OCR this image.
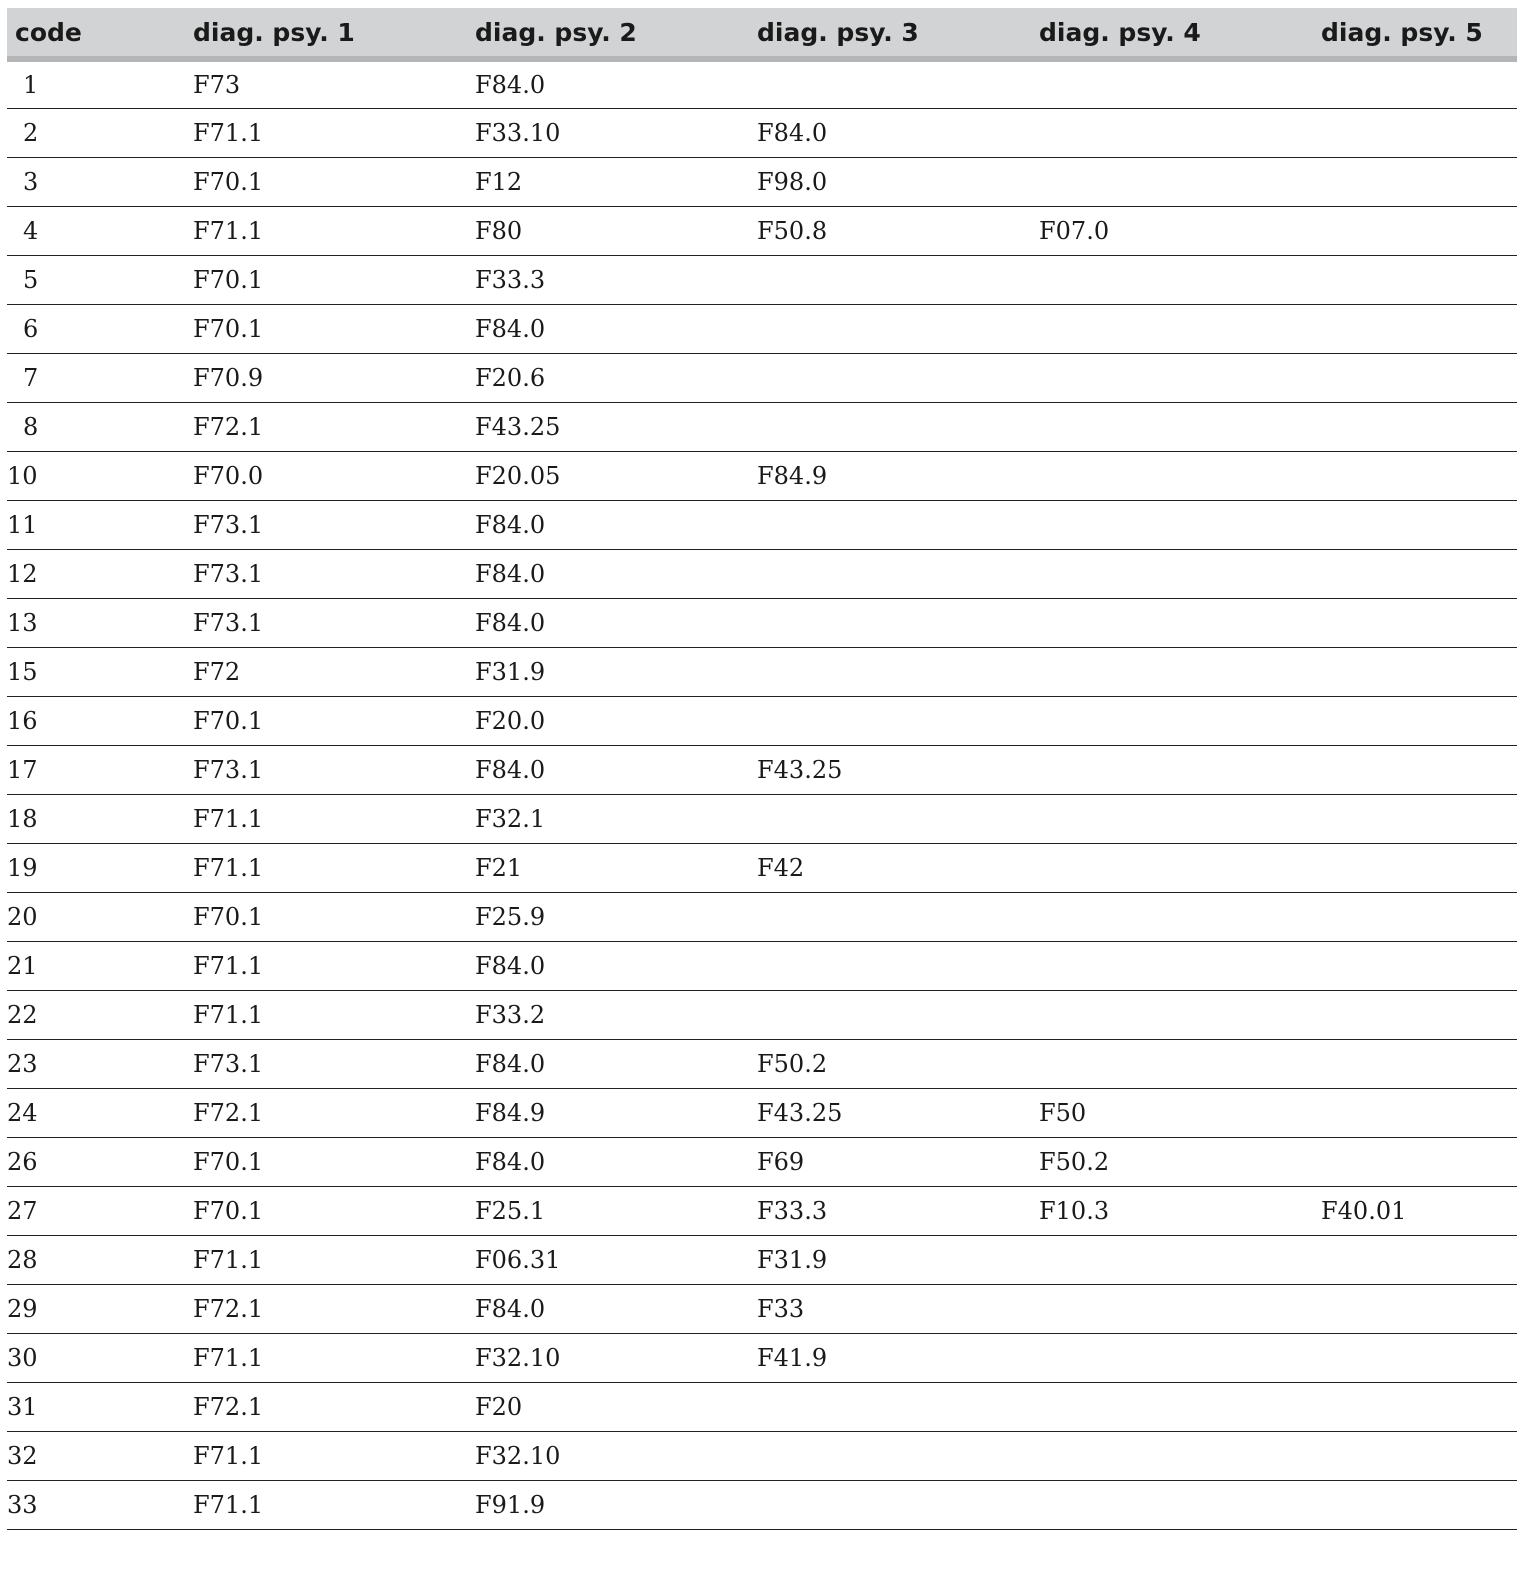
code	diag. psy. 1	diag. psy. 2	diag. psy. 3	diag. psy. 4	diag. psy. 5
1	F73	F84.0			
2	F71.1	F33.10	F84.0		
3	F70.1	F12	F98.0		
4	F71.1	F80	F50.8	F07.0	
5	F70.1	F33.3			
6	F70.1	F84.0			
7	F70.9	F20.6			
8	F72.1	F43.25			
10	F70.0	F20.05	F84.9		
11	F73.1	F84.0			
12	F73.1	F84.0			
13	F73.1	F84.0			
15	F72	F31.9			
16	F70.1	F20.0			
17	F73.1	F84.0	F43.25		
18	F71.1	F32.1			
19	F71.1	F21	F42		
20	F70.1	F25.9			
21	F71.1	F84.0			
22	F71.1	F33.2			
23	F73.1	F84.0	F50.2		
24	F72.1	F84.9	F43.25	F50	
26	F70.1	F84.0	F69	F50.2	
27	F70.1	F25.1	F33.3	F10.3	F40.01
28	F71.1	F06.31	F31.9		
29	F72.1	F84.0	F33		
30	F71.1	F32.10	F41.9		
31	F72.1	F20			
32	F71.1	F32.10			
33	F71.1	F91.9			
